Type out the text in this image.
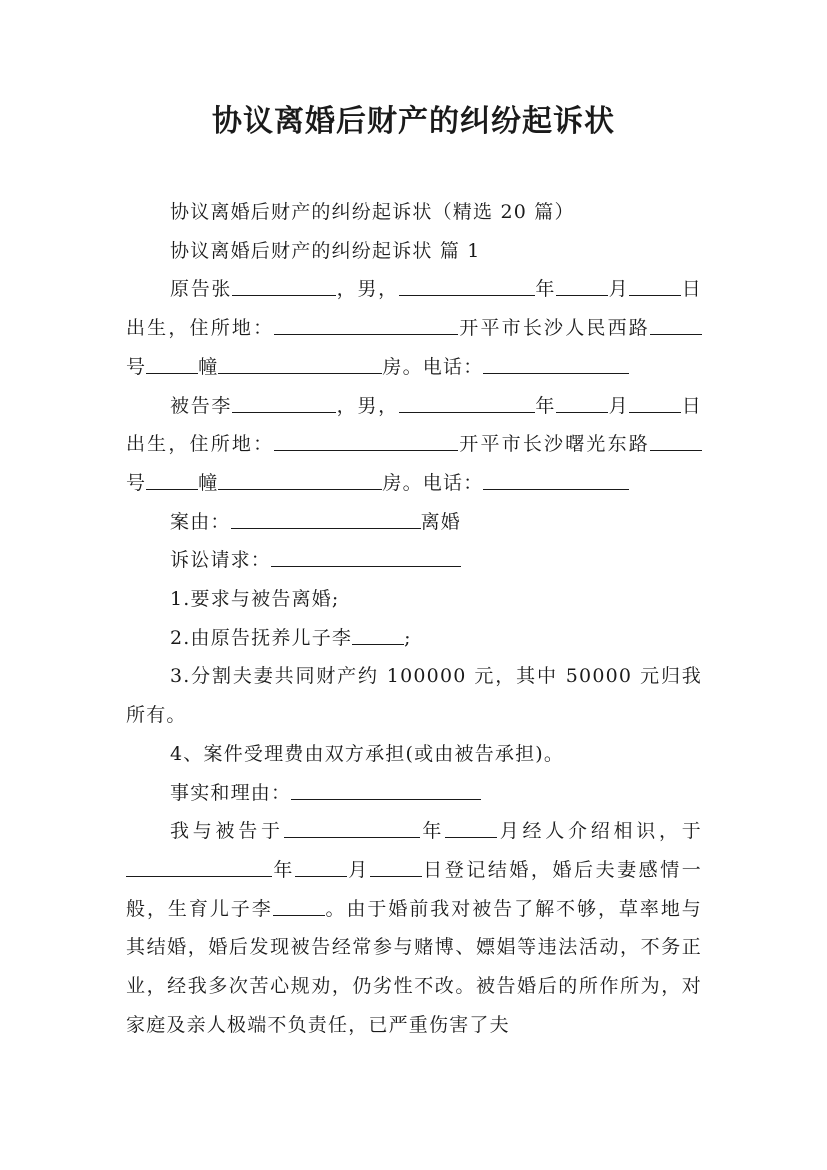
协议离婚后财产的纠纷起诉状

协议离婚后财产的纠纷起诉状（精选 20 篇）

协议离婚后财产的纠纷起诉状 篇 1

原告张	，男，	年	月	日出生，住所地：	开平市长沙人民西路号	幢	房。电话：

被告李	，男，	年	月	日出生，住所地：	开平市长沙曙光东路号	幢	房。电话：

案由：	离婚

诉讼请求：

1.要求与被告离婚;

2.由原告抚养儿子李	;

3.分割夫妻共同财产约 100000 元，其中 50000 元归我所有。

4、案件受理费由双方承担(或由被告承担)。

事实和理由：

我与被告于	年	月经人介绍相识，于年	月	日登记结婚，婚后夫妻感情一般，生育儿子李	。由于婚前我对被告了解不够，草率地与其结婚，婚后发现被告经常参与赌博、嫖娼等违法活动，不务正业，经我多次苦心规劝，仍劣性不改。被告婚后的所作所为，对家庭及亲人极端不负责任，已严重伤害了夫
